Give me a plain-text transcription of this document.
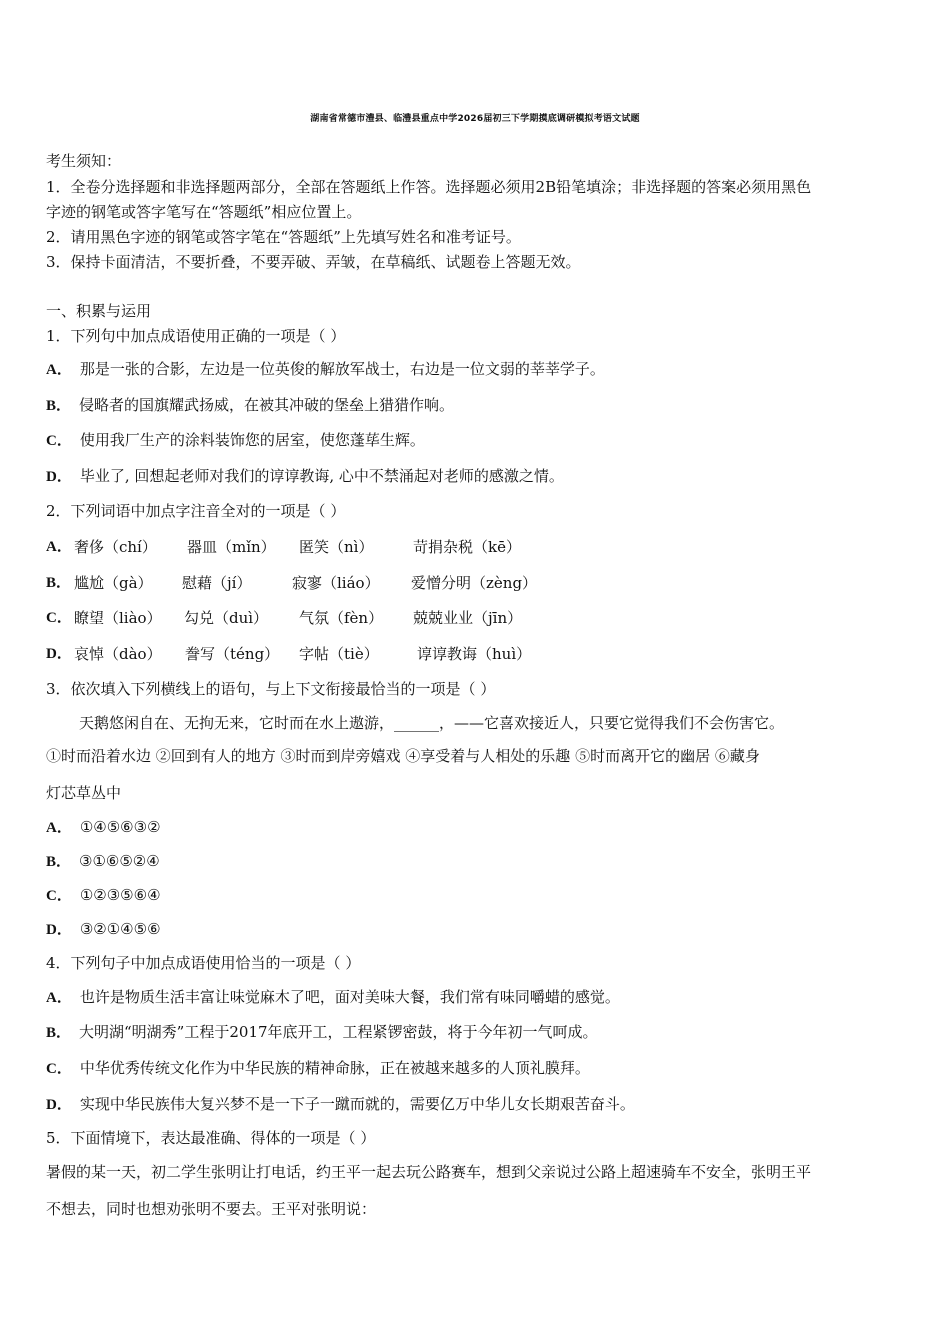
湖南省常德市澧县、临澧县重点中学2026届初三下学期摸底调研模拟考语文试题
考生须知：
1．全卷分选择题和非选择题两部分，全部在答题纸上作答。选择题必须用2B铅笔填涂；非选择题的答案必须用黑色
字迹的钢笔或答字笔写在“答题纸”相应位置上。
2．请用黑色字迹的钢笔或答字笔在“答题纸”上先填写姓名和准考证号。
3．保持卡面清洁，不要折叠，不要弄破、弄皱，在草稿纸、试题卷上答题无效。
一、积累与运用
1．下列句中加点成语使用正确的一项是（ ）
A． 那是一张的合影，左边是一位英俊的解放军战士，右边是一位文弱的莘莘学子。
B． 侵略者的国旗耀武扬威，在被其冲破的堡垒上猎猎作响。
C． 使用我厂生产的涂料装饰您的居室，使您蓬荜生辉。
D． 毕业了, 回想起老师对我们的谆谆教诲, 心中不禁涌起对老师的感激之情。
2．下列词语中加点字注音全对的一项是（ ）
A． 奢侈（chí） 器皿（mǐn） 匿笑（nì）	苛捐杂税（kē）
B． 尴尬（gà） 慰藉（jí）	寂寥（liáo） 爱憎分明（zèng）
C． 瞭望（liào） 勾兑（duì） 气氛（fèn） 兢兢业业（jīn）
D． 哀悼（dào） 誊写（téng） 字帖（tiè）	谆谆教诲（huì）
3．依次填入下列横线上的语句，与上下文衔接最恰当的一项是（ ）
天鹅悠闲自在、无拘无来，它时而在水上遨游，______，——它喜欢接近人，只要它觉得我们不会伤害它。
①时而沿着水边 ②回到有人的地方 ③时而到岸旁嬉戏 ④享受着与人相处的乐趣 ⑤时而离开它的幽居 ⑥藏身
灯芯草丛中
A． ①④⑤⑥③②
B． ③①⑥⑤②④
C． ①②③⑤⑥④
D． ③②①④⑤⑥
4．下列句子中加点成语使用恰当的一项是（ ）
A． 也许是物质生活丰富让味觉麻木了吧，面对美味大餐，我们常有味同嚼蜡的感觉。
B． 大明湖“明湖秀”工程于2017年底开工，工程紧锣密鼓，将于今年初一气呵成。
C． 中华优秀传统文化作为中华民族的精神命脉，正在被越来越多的人顶礼膜拜。
D． 实现中华民族伟大复兴梦不是一下子一蹴而就的，需要亿万中华儿女长期艰苦奋斗。
5．下面情境下，表达最准确、得体的一项是（ ）
暑假的某一天，初二学生张明让打电话，约王平一起去玩公路赛车，想到父亲说过公路上超速骑车不安全，张明王平
不想去，同时也想劝张明不要去。王平对张明说：
